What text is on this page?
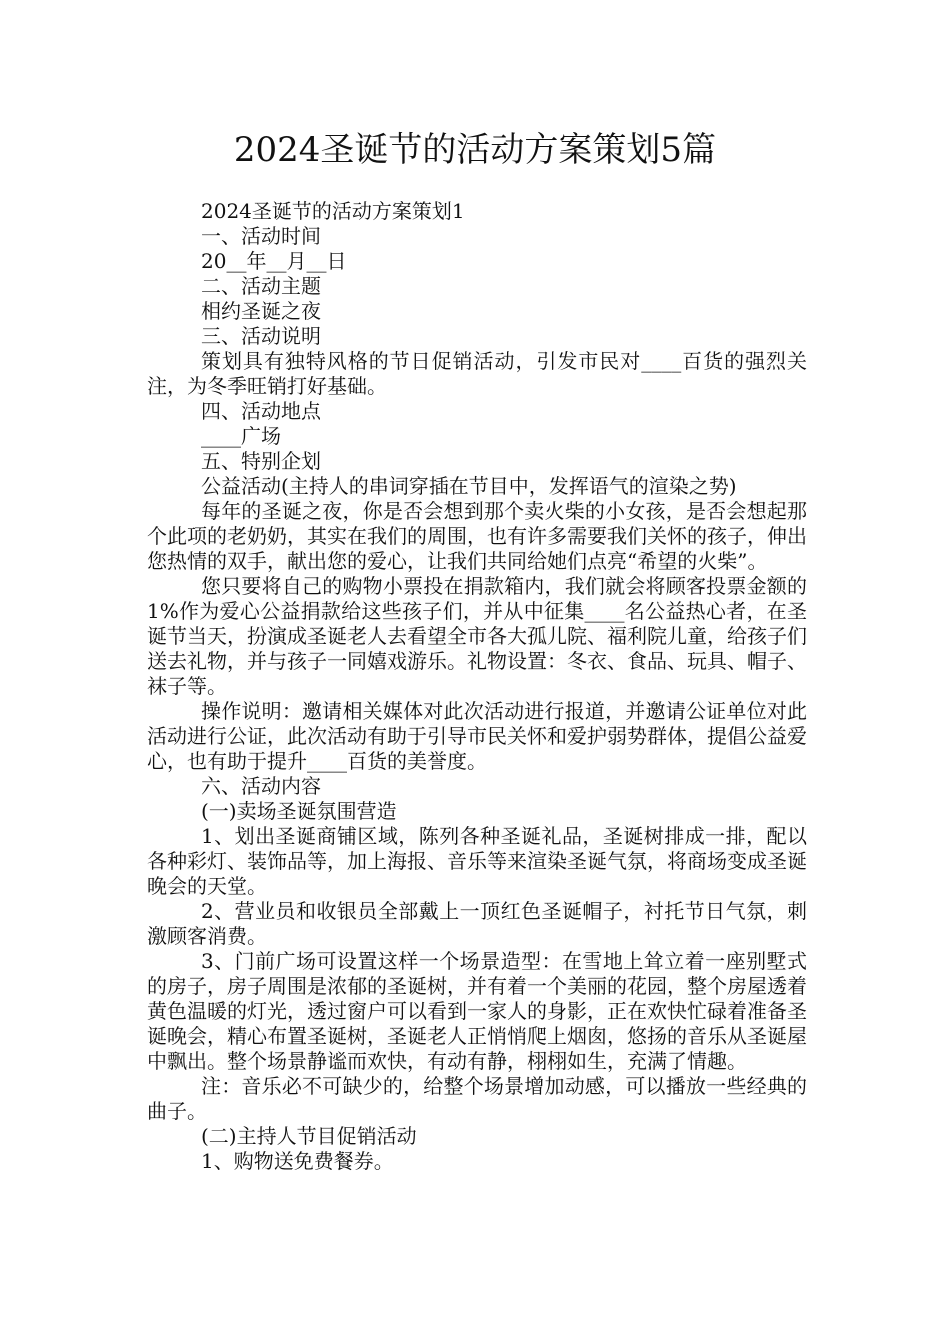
2024圣诞节的活动方案策划5篇

2024圣诞节的活动方案策划1

一、活动时间

20__年__月__日

二、活动主题

相约圣诞之夜

三、活动说明

策划具有独特风格的节日促销活动，引发市民对____百货的强烈关注，为冬季旺销打好基础。

四、活动地点

____广场

五、特别企划

公益活动(主持人的串词穿插在节目中，发挥语气的渲染之势)

每年的圣诞之夜，你是否会想到那个卖火柴的小女孩，是否会想起那个此项的老奶奶，其实在我们的周围，也有许多需要我们关怀的孩子，伸出您热情的双手，献出您的爱心，让我们共同给她们点亮“希望的火柴”。

您只要将自己的购物小票投在捐款箱内，我们就会将顾客投票金额的1%作为爱心公益捐款给这些孩子们，并从中征集____名公益热心者，在圣诞节当天，扮演成圣诞老人去看望全市各大孤儿院、福利院儿童，给孩子们送去礼物，并与孩子一同嬉戏游乐。礼物设置：冬衣、食品、玩具、帽子、袜子等。

操作说明：邀请相关媒体对此次活动进行报道，并邀请公证单位对此活动进行公证，此次活动有助于引导市民关怀和爱护弱势群体，提倡公益爱心，也有助于提升____百货的美誉度。

六、活动内容

(一)卖场圣诞氛围营造

1、划出圣诞商铺区域，陈列各种圣诞礼品，圣诞树排成一排，配以各种彩灯、装饰品等，加上海报、音乐等来渲染圣诞气氛，将商场变成圣诞晚会的天堂。

2、营业员和收银员全部戴上一顶红色圣诞帽子，衬托节日气氛，刺激顾客消费。

3、门前广场可设置这样一个场景造型：在雪地上耸立着一座别墅式的房子，房子周围是浓郁的圣诞树，并有着一个美丽的花园，整个房屋透着黄色温暖的灯光，透过窗户可以看到一家人的身影，正在欢快忙碌着准备圣诞晚会，精心布置圣诞树，圣诞老人正悄悄爬上烟囱，悠扬的音乐从圣诞屋中飘出。整个场景静谧而欢快，有动有静，栩栩如生，充满了情趣。

注：音乐必不可缺少的，给整个场景增加动感，可以播放一些经典的曲子。

(二)主持人节目促销活动

1、购物送免费餐券。
